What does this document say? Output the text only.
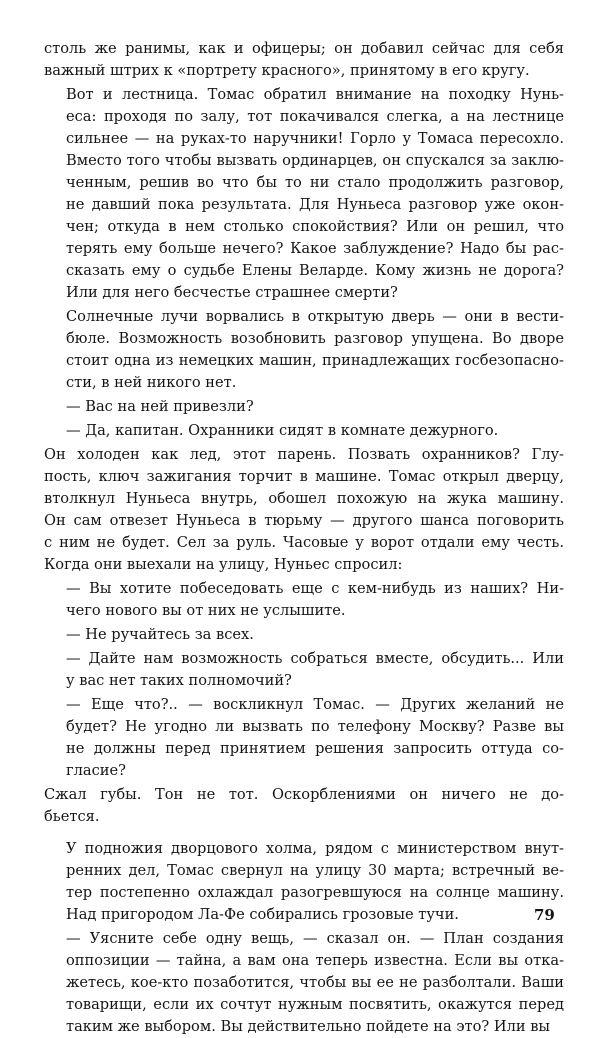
столь же ранимы, как и офицеры; он добавил сейчас для себя
важный штрих к «портрету красного», принятому в его кругу.

Вот и лестница. Томас обратил внимание на походку Нунь-
еса: проходя по залу, тот покачивался слегка, а на лестнице
сильнее — на руках-то наручники! Горло у Томаса пересохло.
Вместо того чтобы вызвать ординарцев, он спускался за заклю-
ченным, решив во что бы то ни стало продолжить разговор,
не давший пока результата. Для Нуньеса разговор уже окон-
чен; откуда в нем столько спокойствия? Или он решил, что
терять ему больше нечего? Какое заблуждение? Надо бы рас-
сказать ему о судьбе Елены Веларде. Кому жизнь не дорога?
Или для него бесчестье страшнее смерти?

Солнечные лучи ворвались в открытую дверь — они в вести-
бюле. Возможность возобновить разговор упущена. Во дворе
стоит одна из немецких машин, принадлежащих госбезопасно-
сти, в ней никого нет.

— Вас на ней привезли?

— Да, капитан. Охранники сидят в комнате дежурного.

Он холоден как лед, этот парень. Позвать охранников? Глу-
пость, ключ зажигания торчит в машине. Томас открыл дверцу,
втолкнул Нуньеса внутрь, обошел похожую на жука машину.
Он сам отвезет Нуньеса в тюрьму — другого шанса поговорить
с ним не будет. Сел за руль. Часовые у ворот отдали ему честь.
Когда они выехали на улицу, Нуньес спросил:

— Вы хотите побеседовать еще с кем-нибудь из наших? Ни-
чего нового вы от них не услышите.

— Не ручайтесь за всех.

— Дайте нам возможность собраться вместе, обсудить... Или
у вас нет таких полномочий?

— Еще что?.. — воскликнул Томас. — Других желаний не
будет? Не угодно ли вызвать по телефону Москву? Разве вы
не должны перед принятием решения запросить оттуда со-
гласие?

Сжал губы. Тон не тот. Оскорблениями он ничего не до-
бьется.

У подножия дворцового холма, рядом с министерством внут-
ренних дел, Томас свернул на улицу 30 марта; встречный ве-
тер постепенно охлаждал разогревшуюся на солнце машину.
Над пригородом Ла-Фе собирались грозовые тучи.

— Уясните себе одну вещь, — сказал он. — План создания
оппозиции — тайна, а вам она теперь известна. Если вы отка-
жетесь, кое-кто позаботится, чтобы вы ее не разболтали. Ваши
товарищи, если их сочтут нужным посвятить, окажутся перед
таким же выбором. Вы действительно пойдете на это? Или вы

79
